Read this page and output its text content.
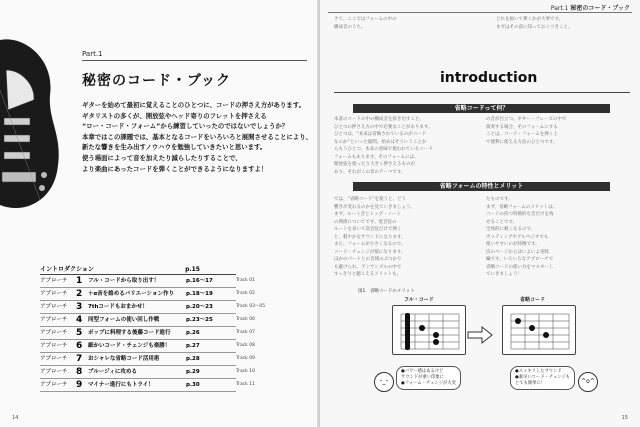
Part.1
秘密のコード・ブック
ギターを始めて最初に覚えることのひとつに、コードの押さえ方があります。
ギタリストの多くが、開放弦やヘッド寄りのフレットを押さえる
“ロー・コード・フォーム”から練習していったのではないでしょうか？
本章ではこの課題では、基本となるコードをいろいろと展開させることにより、
新たな響きを生み出すノウハウを勉強していきたいと思います。
使う場面によって音を加えたり減らしたりすることで、
より楽曲にあったコードを弾くことができるようになりますよ！
p.15
イントロダクション
アプローチ 1 フル・コードから取り出す！	p.16〜17	Track 01
アプローチ 2 ＋α音を絡めるバリエーション作り p.18〜19	Track 02
アプローチ 3 7thコードもおまかせ！	p.20〜23	Track 03〜05
アプローチ 4 同型フォームの使い回し作戦	p.23〜25	Track 06
アプローチ 5 ポップに料理する後藤コード進行	p.26	Track 07
アプローチ 6 細かいコード・チェンジも楽勝！	p.27	Track 08
アプローチ 7 おシャレな省略コード活用術	p.28	Track 09
アプローチ 8 ブルージィに攻める	p.29	Track 10
アプローチ 9 マイナー進行にもトライ！	p.30	Track 11
14
Part.1 秘密のコード・ブック
15

さて、ここではフォームの中の

構成音のうち、

どれを抜いて弾くかが大事です。

まずはその前に知っておくべきこと。

introduction
省略コードって何？

本書のコードの中の構成音を抜き出すこと、

ひとつの押さえ方の中で必要なことがあります。

ひとつは、“本来は省略されているのがコード

なのか”といった疑問。始めはそういうことか

らもうひとつ、本来の意味で使われているコード

フォームもあります。そのフォームには、

開放弦を使ったり大きく押さえるものが

あり、それがこの章のテーマです。

の音が目立つ。ギター・フレーズの中で

演奏する場合、そのフォームにする

ことは、コード・フォームを弾く上

で便利に使える方法のひとつです。

省略フォームの特性とメリット

では、“省略コード”を使うと、どう

響きが変わるのかを見ていきましょう。

まず、ルート音とトップ・ノート

の関係についてです。低音弦の

ルートを省いて高音弦だけで弾く

と、軽やかなサウンドになります。

また、フォームが小さくなるので、

コード・チェンジが楽になります。

ほかのパートとの音域のぶつかり

も避けられ、アンサンブルの中で

すっきりと聴こえるメリットも。

たものです。

まず、省略フォームのメリットは、

コードの持つ特徴的な音だけを残

せることです。

全体的に軽くなるので、

カッティングやアルペジオでも

使いやすいのが特徴です。

次のページからはいよいよ実践

編です。いろいろなアプローチで

省略コードの使い方をマスターし

ていきましょう！

図1　省略コードのメリット
フル・コード	省略コード
･_･
●パワー感はあるけど
サウンドが重い印象に
●フォーム・チェンジが大変
●スッキリしたサウンド
●素早いコード・チェンジも
とても簡単に！	^o^
